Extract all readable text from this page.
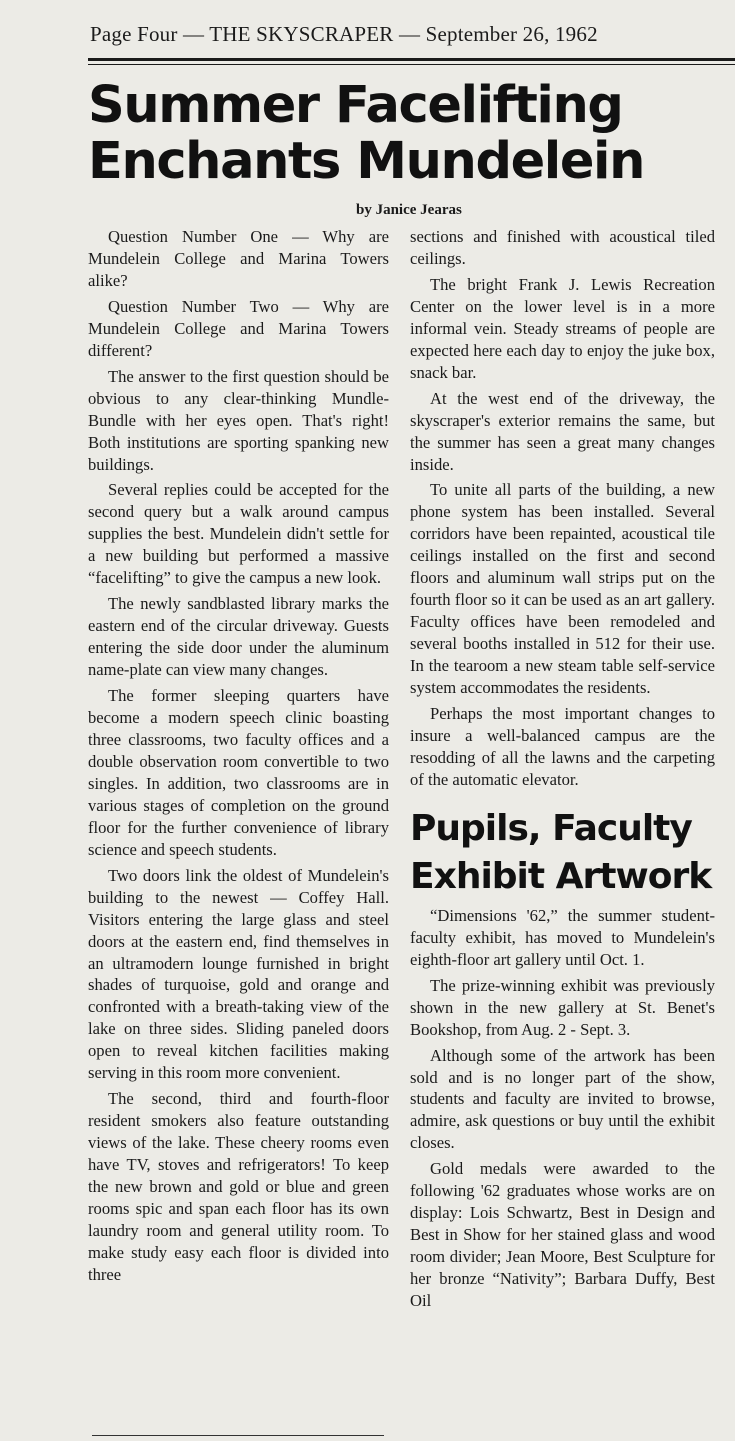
Page Four — THE SKYSCRAPER — September 26, 1962
Summer Facelifting
Enchants Mundelein
by Janice Jearas

Question Number One — Why are Mundelein College and Marina Towers alike?

Question Number Two — Why are Mundelein College and Marina Towers different?

The answer to the first question should be obvious to any clear-thinking Mundle-Bundle with her eyes open. That's right! Both institutions are sporting spanking new buildings.

Several replies could be accepted for the second query but a walk around campus supplies the best. Mundelein didn't settle for a new building but performed a massive “facelifting” to give the campus a new look.

The newly sandblasted library marks the eastern end of the circular driveway. Guests entering the side door under the aluminum name-plate can view many changes.

The former sleeping quarters have become a modern speech clinic boasting three classrooms, two faculty offices and a double observation room convertible to two singles. In addition, two classrooms are in various stages of completion on the ground floor for the further convenience of library science and speech students.

Two doors link the oldest of Mundelein's building to the newest — Coffey Hall. Visitors entering the large glass and steel doors at the eastern end, find themselves in an ultramodern lounge furnished in bright shades of turquoise, gold and orange and confronted with a breath-taking view of the lake on three sides. Sliding paneled doors open to reveal kitchen facilities making serving in this room more convenient.

The second, third and fourth-floor resident smokers also feature outstanding views of the lake. These cheery rooms even have TV, stoves and refrigerators! To keep the new brown and gold or blue and green rooms spic and span each floor has its own laundry room and general utility room. To make study easy each floor is divided into three

sections and finished with acoustical tiled ceilings.

The bright Frank J. Lewis Recreation Center on the lower level is in a more informal vein. Steady streams of people are expected here each day to enjoy the juke box, snack bar.

At the west end of the driveway, the skyscraper's exterior remains the same, but the summer has seen a great many changes inside.

To unite all parts of the building, a new phone system has been installed. Several corridors have been repainted, acoustical tile ceilings installed on the first and second floors and aluminum wall strips put on the fourth floor so it can be used as an art gallery. Faculty offices have been remodeled and several booths installed in 512 for their use. In the tearoom a new steam table self-service system accommodates the residents.

Perhaps the most important changes to insure a well-balanced campus are the resodding of all the lawns and the carpeting of the automatic elevator.

Pupils, Faculty
Exhibit Artwork

“Dimensions '62,” the summer student-faculty exhibit, has moved to Mundelein's eighth-floor art gallery until Oct. 1.

The prize-winning exhibit was previously shown in the new gallery at St. Benet's Bookshop, from Aug. 2 - Sept. 3.

Although some of the artwork has been sold and is no longer part of the show, students and faculty are invited to browse, admire, ask questions or buy until the exhibit closes.

Gold medals were awarded to the following '62 graduates whose works are on display: Lois Schwartz, Best in Design and Best in Show for her stained glass and wood room divider; Jean Moore, Best Sculpture for her bronze “Nativity”; Barbara Duffy, Best Oil
